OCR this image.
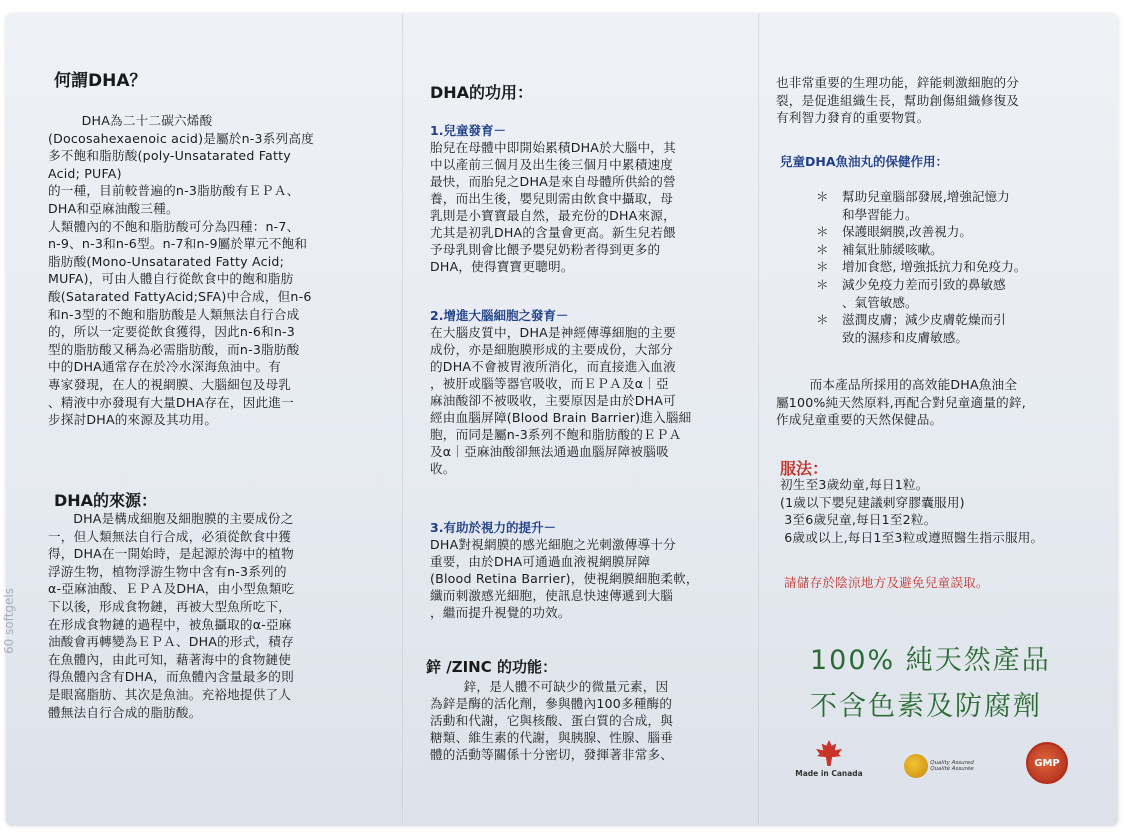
60 softgels
何謂DHA？

DHA為二十二碳六烯酸
(Docosahexaenoic acid)是屬於n-3系列高度
多不飽和脂肪酸(poly-Unsatarated Fatty
Acid; PUFA)
的一種，目前較普遍的n-3脂肪酸有ＥＰＡ、
DHA和亞麻油酸三種。
人類體內的不飽和脂肪酸可分為四種：n-7、
n-9、n-3和n-6型。n-7和n-9屬於單元不飽和
脂肪酸(Mono-Unsatarated Fatty Acid;
MUFA)，可由人體自行從飲食中的飽和脂肪
酸(Satarated FattyAcid;SFA)中合成，但n-6
和n-3型的不飽和脂肪酸是人類無法自行合成
的，所以一定要從飲食獲得，因此n-6和n-3
型的脂肪酸又稱為必需脂肪酸，而n-3脂肪酸
中的DHA通常存在於冷水深海魚油中。有
專家發現，在人的視網膜、大腦細包及母乳
、精液中亦發現有大量DHA存在，因此進一
步探討DHA的來源及其功用。

DHA的來源：

DHA是構成細胞及細胞膜的主要成份之
一，但人類無法自行合成，必須從飲食中獲
得，DHA在一開始時，是起源於海中的植物
浮游生物，植物浮游生物中含有n-3系列的
α-亞麻油酸、ＥＰＡ及DHA，由小型魚類吃
下以後，形成食物鏈，再被大型魚所吃下，
在形成食物鏈的過程中，被魚攝取的α-亞麻
油酸會再轉變為ＥＰＡ、DHA的形式，積存
在魚體內，由此可知，藉著海中的食物鏈使
得魚體內含有DHA，而魚體內含量最多的則
是眼窩脂肪、其次是魚油。充裕地提供了人
體無法自行合成的脂肪酸。

DHA的功用：
1.兒童發育－

胎兒在母體中即開始累積DHA於大腦中，其
中以產前三個月及出生後三個月中累積速度
最快，而胎兒之DHA是來自母體所供給的營
養，而出生後，嬰兒則需由飲食中攝取，母
乳則是小寶寶最自然，最充份的DHA來源，
尤其是初乳DHA的含量會更高。新生兒若餵
予母乳則會比餵予嬰兒奶粉者得到更多的
DHA，使得寶寶更聰明。

2.增進大腦細胞之發育－

在大腦皮質中，DHA是神經傳導細胞的主要
成份，亦是細胞膜形成的主要成份，大部分
的DHA不會被胃液所消化，而直接進入血液
，被肝或腦等器官吸收，而ＥＰＡ及α｜亞
麻油酸卻不被吸收，主要原因是由於DHA可
經由血腦屏障(Blood Brain Barrier)進入腦細
胞，而同是屬n-3系列不飽和脂肪酸的ＥＰＡ
及α｜亞麻油酸卻無法通過血腦屏障被腦吸
收。

3.有助於視力的提升－

DHA對視網膜的感光細胞之光刺激傳導十分
重要，由於DHA可通過血液視網膜屏障
(Blood Retina Barrier)，使視網膜細胞柔軟，
纖而刺激感光細胞，使訊息快速傳遞到大腦
，繼而提升視覺的功效。

鋅 /ZINC 的功能：

鋅，是人體不可缺少的微量元素，因
為鋅是酶的活化劑，參與體內100多種酶的
活動和代謝，它與核酸、蛋白質的合成，與
糖類、維生素的代謝，與胰腺、性腺、腦垂
體的活動等關係十分密切，發揮著非常多、

也非常重要的生理功能，鋅能刺激細胞的分
裂，是促進組織生長，幫助創傷組織修復及
有利智力發育的重要物質。

兒童DHA魚油丸的保健作用：
＊ 幫助兒童腦部發展,增強記憶力
和學習能力。
＊ 保護眼網膜,改善視力。
＊ 補氣壯肺緩咳嗽。
＊ 增加食慾, 增強抵抗力和免疫力。
＊ 減少免疫力差而引致的鼻敏感
、氣管敏感。
＊ 滋潤皮膚；減少皮膚乾燥而引
致的濕疹和皮膚敏感。

而本產品所採用的高效能DHA魚油全
屬100%純天然原料,再配合對兒童適量的鋅,
作成兒童重要的天然保健品。

服法：

初生至3歲幼童,每日1粒。
(1歲以下嬰兒建議剌穿膠囊服用)
3至6歲兒童,每日1至2粒。
6歲或以上,每日1至3粒或遵照醫生指示服用。

請儲存於陰涼地方及避免兒童誤取。

100% 純天然產品
不含色素及防腐劑
Made in Canada
Quality Assured
Qualité Assurée
GMP
